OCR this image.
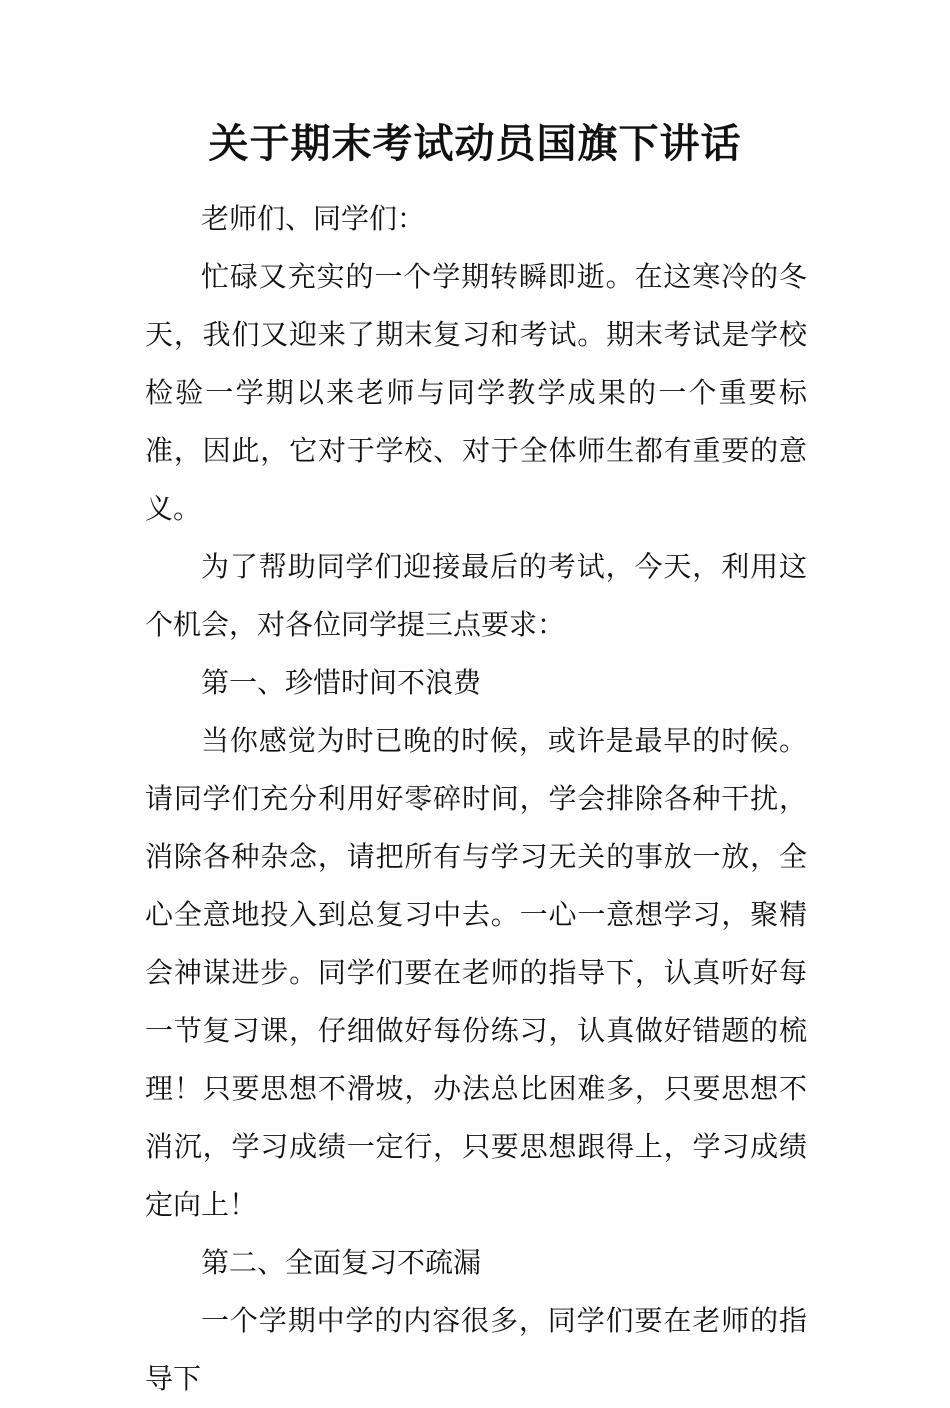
关于期末考试动员国旗下讲话

老师们、同学们：

忙碌又充实的一个学期转瞬即逝。在这寒冷的冬天，我们又迎来了期末复习和考试。期末考试是学校检验一学期以来老师与同学教学成果的一个重要标准，因此，它对于学校、对于全体师生都有重要的意义。

为了帮助同学们迎接最后的考试，今天，利用这个机会，对各位同学提三点要求：

第一、珍惜时间不浪费

当你感觉为时已晚的时候，或许是最早的时候。请同学们充分利用好零碎时间，学会排除各种干扰，消除各种杂念，请把所有与学习无关的事放一放，全心全意地投入到总复习中去。一心一意想学习，聚精会神谋进步。同学们要在老师的指导下，认真听好每一节复习课，仔细做好每份练习，认真做好错题的梳理！只要思想不滑坡，办法总比困难多，只要思想不消沉，学习成绩一定行，只要思想跟得上，学习成绩定向上！

第二、全面复习不疏漏

一个学期中学的内容很多，同学们要在老师的指导下
